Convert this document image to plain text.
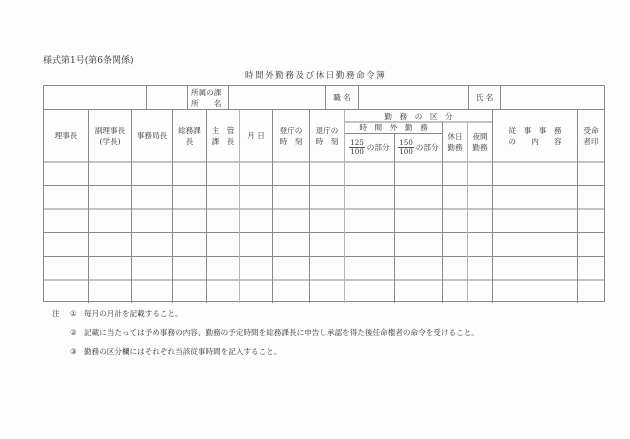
様式第1号(第6条関係)
時間外勤務及び休日勤務命令簿
所属の課
所　　名
職 名	氏 名
理事長
副理事長
(学長)
事務局長
総務課
長
主　管
課　長
月 日
登庁の
時　刻
退庁の
時　刻
勤　務　の　区　分
時　間　外　勤　務
$\frac{125}{100}$ の部分 $\frac{150}{100}$ の部分
休日
勤務
夜間
勤務
従　事　事　務
の　　内　　容
受命
者印
注 ① 毎月の月計を記載すること。
② 記載に当たっては予め事務の内容、勤務の予定時間を総務課長に申告し承認を得た後任命権者の命令を受けること。
③ 勤務の区分欄にはそれぞれ当該従事時間を記入すること。
